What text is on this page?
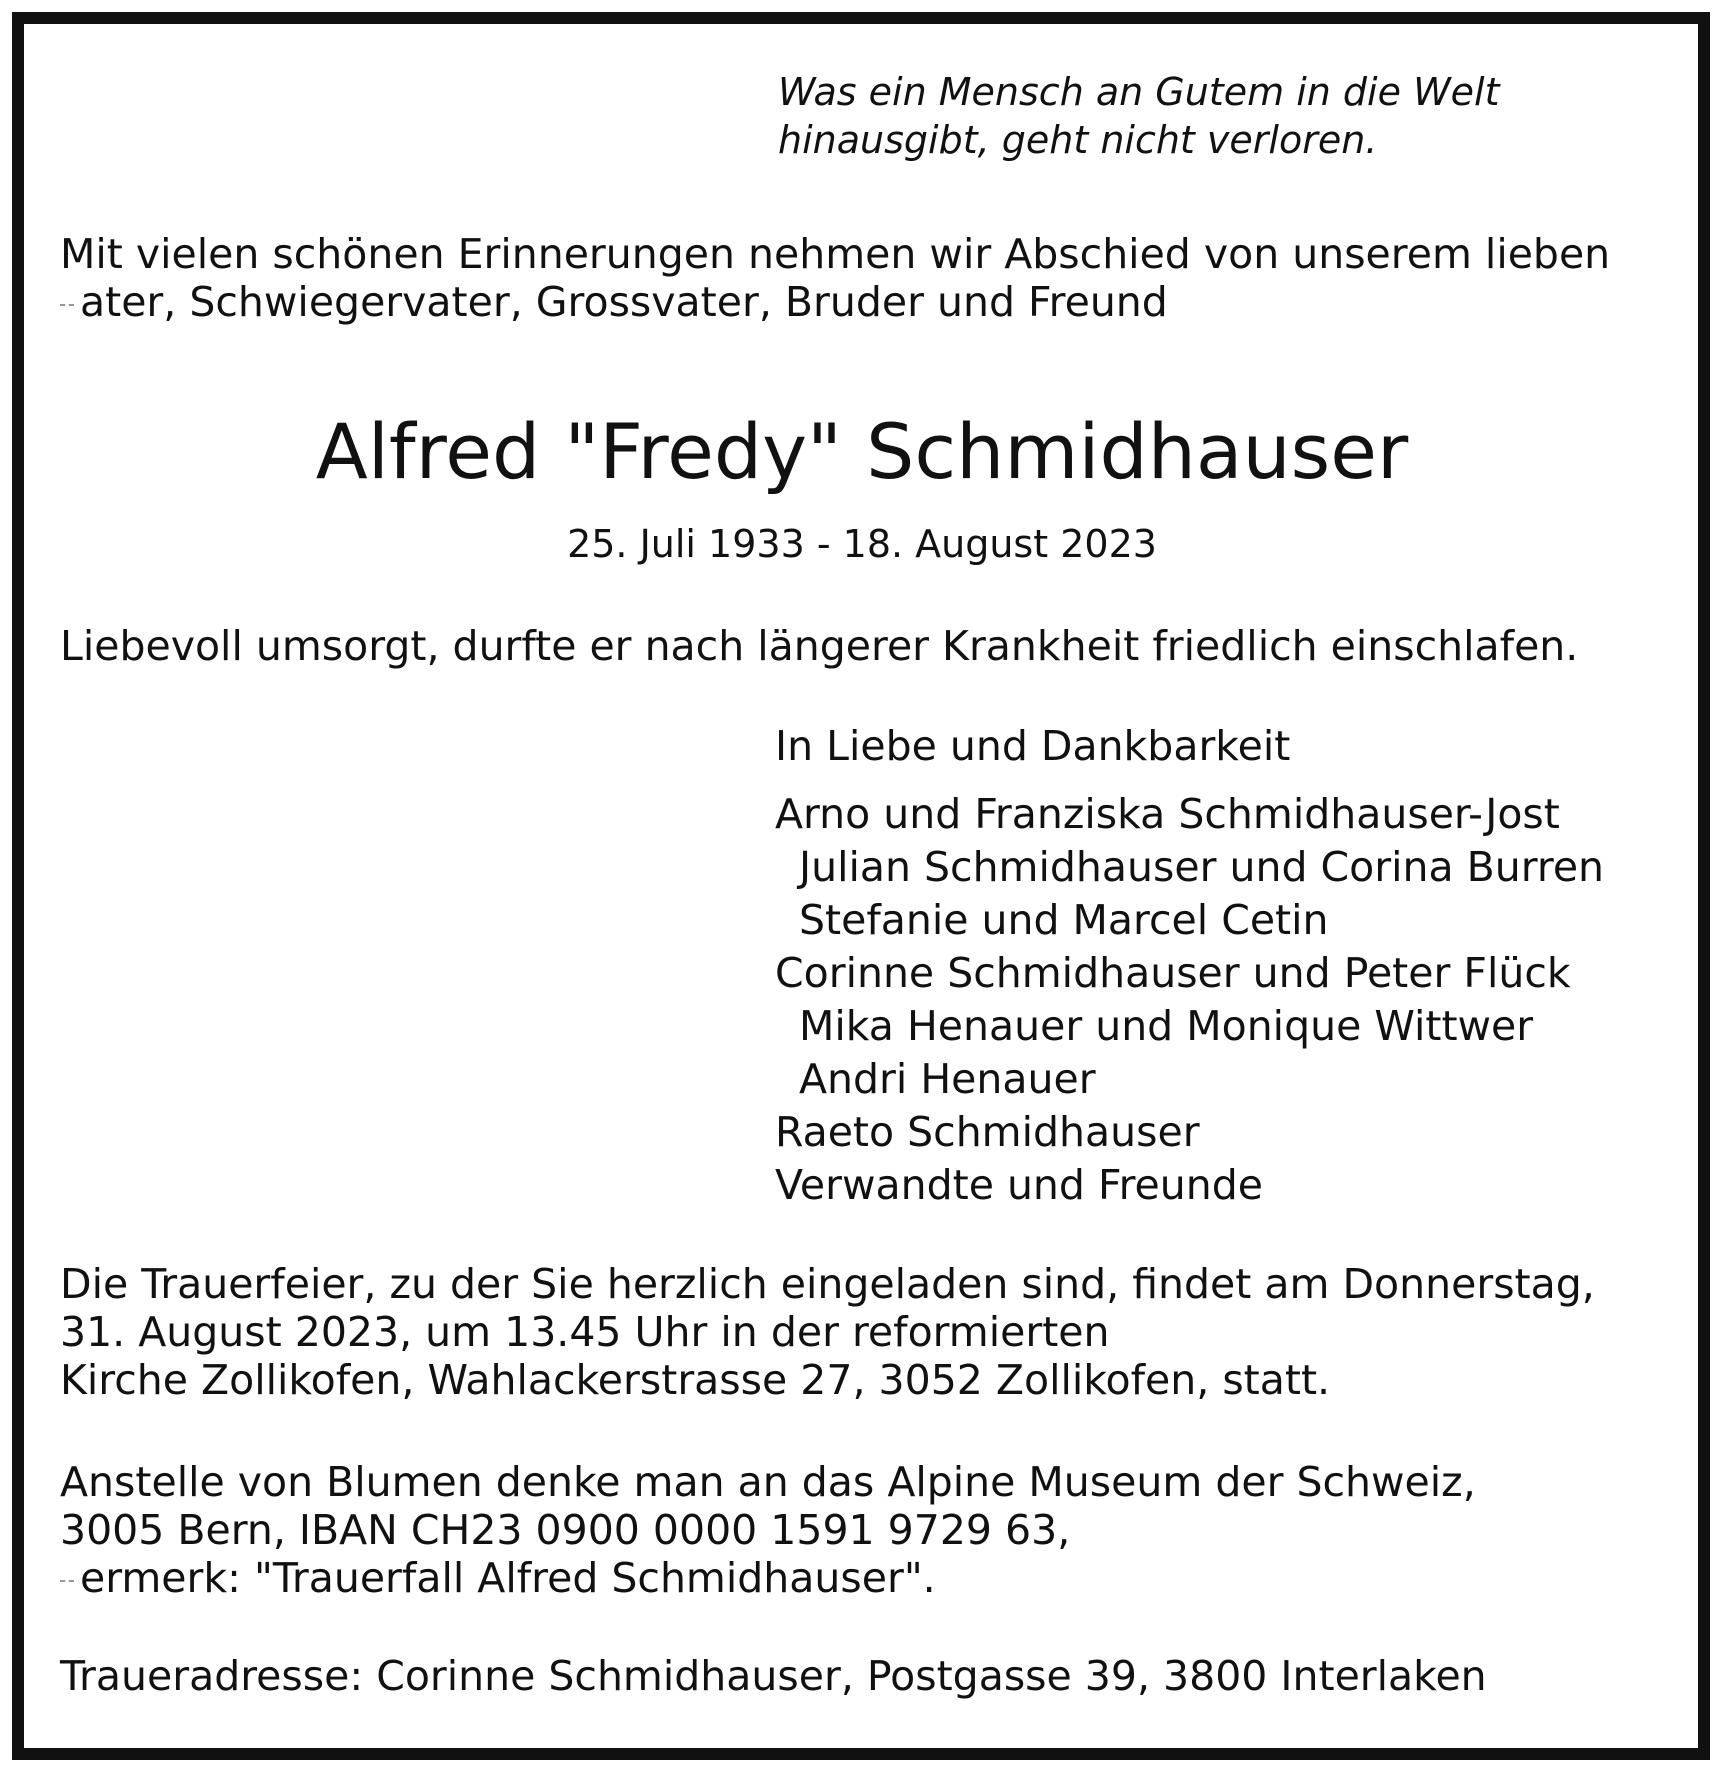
Was ein Mensch an Gutem in die Welt
hinausgibt, geht nicht verloren.
Mit vielen schönen Erinnerungen nehmen wir Abschied von unserem lieben
ater, Schwiegervater, Grossvater, Bruder und Freund
Alfred "Fredy" Schmidhauser
25. Juli 1933 - 18. August 2023
Liebevoll umsorgt, durfte er nach längerer Krankheit friedlich einschlafen.
In Liebe und Dankbarkeit
Arno und Franziska Schmidhauser-Jost
Julian Schmidhauser und Corina Burren
Stefanie und Marcel Cetin
Corinne Schmidhauser und Peter Flück
Mika Henauer und Monique Wittwer
Andri Henauer
Raeto Schmidhauser
Verwandte und Freunde
Die Trauerfeier, zu der Sie herzlich eingeladen sind, findet am Donnerstag,
31. August 2023, um 13.45 Uhr in der reformierten
Kirche Zollikofen, Wahlackerstrasse 27, 3052 Zollikofen, statt.
Anstelle von Blumen denke man an das Alpine Museum der Schweiz,
3005 Bern, IBAN CH23 0900 0000 1591 9729 63,
ermerk: "Trauerfall Alfred Schmidhauser".
Traueradresse: Corinne Schmidhauser, Postgasse 39, 3800 Interlaken
